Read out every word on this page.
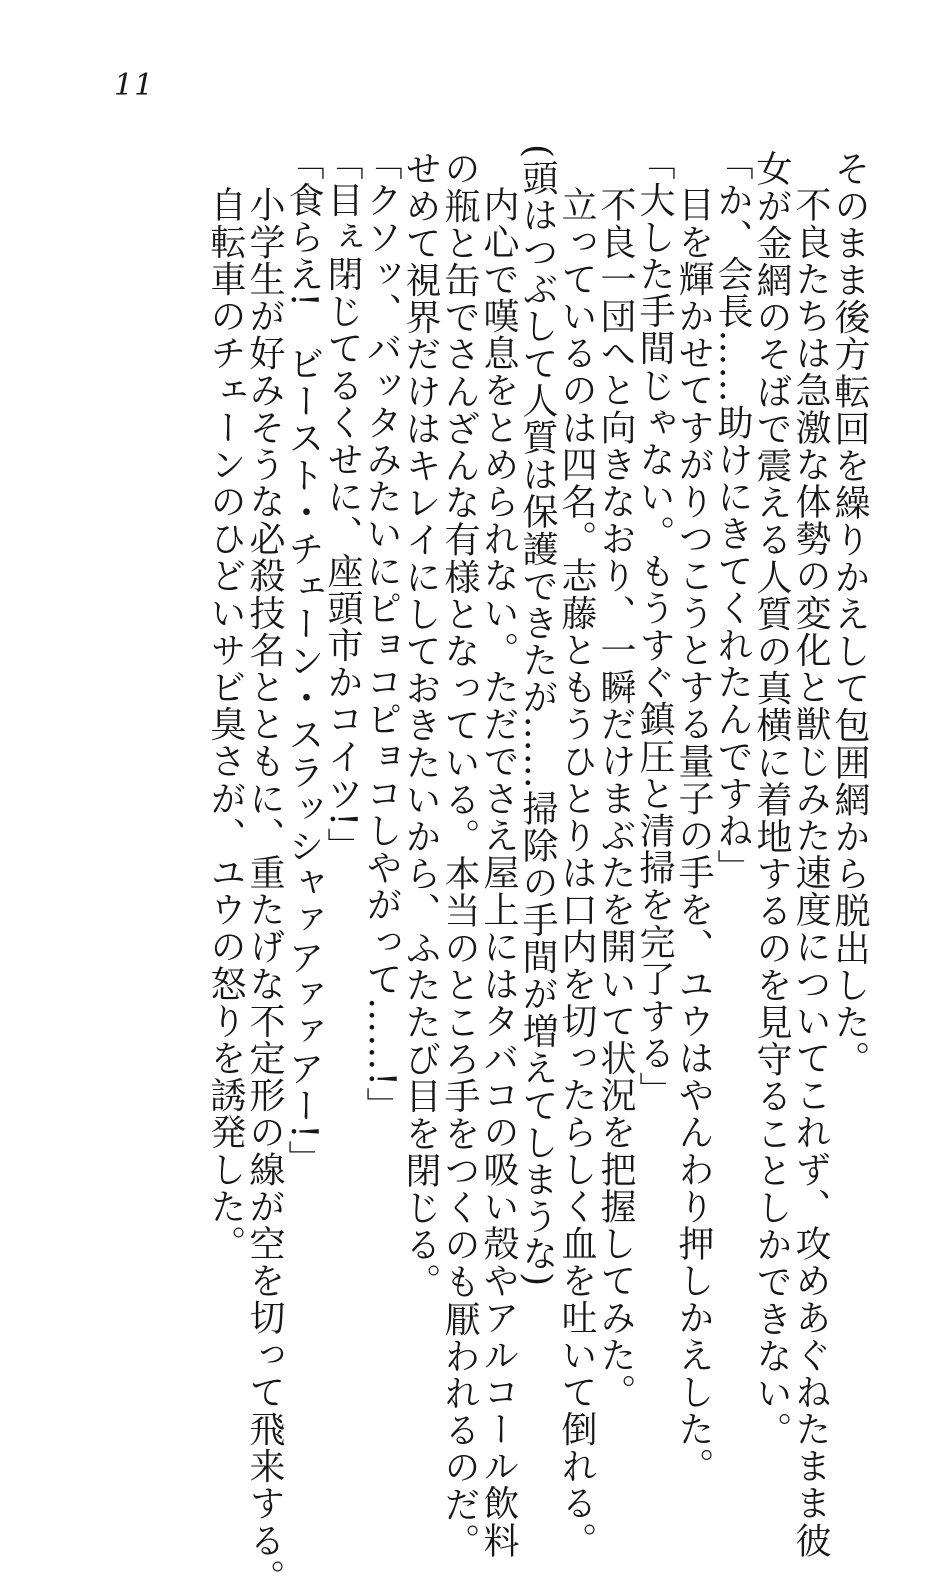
11

そのまま後方転回を繰りかえして包囲網から脱出した。

不良たちは急激な体勢の変化と獣じみた速度についてこれず、攻めあぐねたまま彼

女が金網のそばで震える人質の真横に着地するのを見守ることしかできない。

「か、会長……助けにきてくれたんですね」

目を輝かせてすがりつこうとする量子の手を、ユウはやんわり押しかえした。

「大した手間じゃない。もうすぐ鎮圧と清掃を完了する」

不良一団へと向きなおり、一瞬だけまぶたを開いて状況を把握してみた。

立っているのは四名。志藤ともうひとりは口内を切ったらしく血を吐いて倒れる。

(頭はつぶして人質は保護できたが……掃除の手間が増えてしまうな)

内心で嘆息をとめられない。ただでさえ屋上にはタバコの吸い殻やアルコール飲料

の瓶と缶でさんざんな有様となっている。本当のところ手をつくのも厭われるのだ。

せめて視界だけはキレイにしておきたいから、ふたたび目を閉じる。

「クソッ、バッタみたいにピョコピョコしやがって……!」

「目ぇ閉じてるくせに、座頭市かコイツ!」

「食らえ!　ビースト・チェーン・スラッシャァアァァアー!」

小学生が好みそうな必殺技名とともに、重たげな不定形の線が空を切って飛来する。

自転車のチェーンのひどいサビ臭さが、ユウの怒りを誘発した。
